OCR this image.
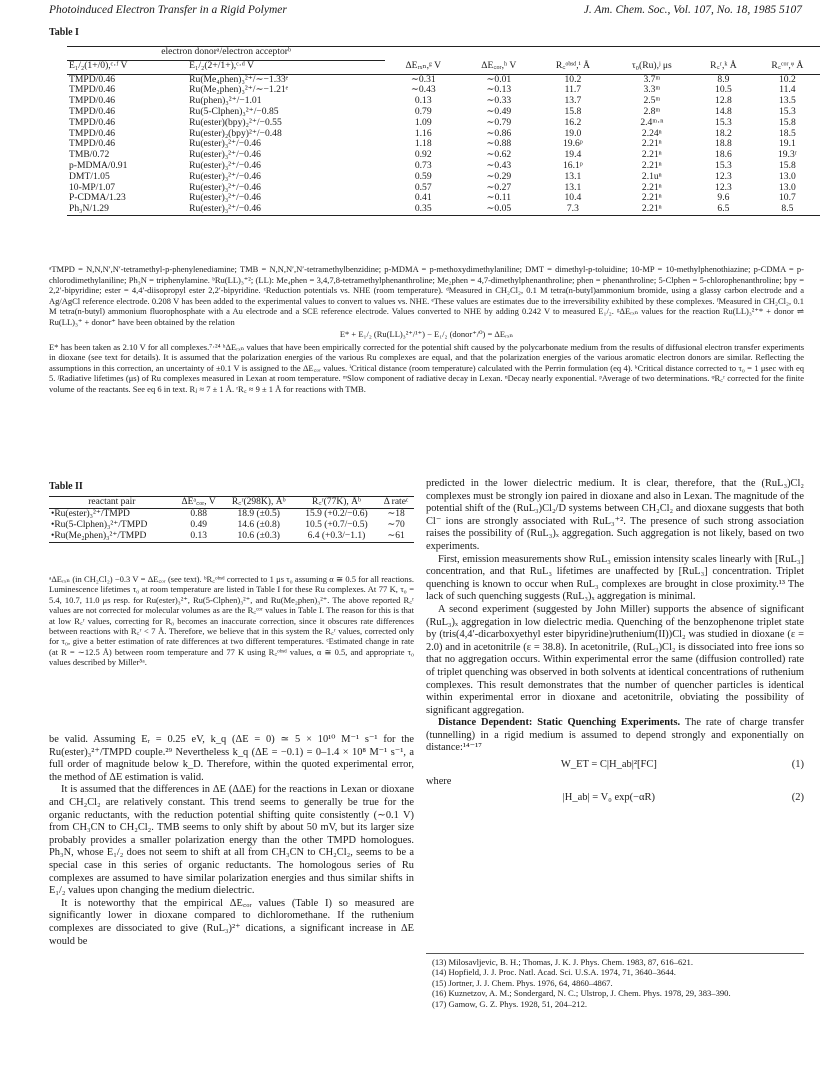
Photoinduced Electron Transfer in a Rigid Polymer	J. Am. Chem. Soc., Vol. 107, No. 18, 1985 5107
Table I
electron donorᵃ/electron acceptorᵇ							
E₁/₂(1+/0),ᶜ·ᶠ V	E₁/₂(2+/1+),ᶜ·ᵈ V	ΔEᵣₓₙ,ᵍ V	ΔE꜀ₒᵣ,ʰ V	R꜀ᵒᵇˢᵈ,ⁱ Å	τ₀(Ru),ʲ μs	R꜀ʳ,ᵏ Å	R꜀ᶜᵒʳ,ᵠ Å
TMPD/0.46	Ru(Me₄phen)₃²⁺/∼−1.33ᵉ	∼0.31	∼0.01	10.2	3.7ᵐ	8.9	10.2
TMPD/0.46	Ru(Me₂phen)₃²⁺/∼−1.21ᵉ	∼0.43	∼0.13	11.7	3.3ᵐ	10.5	11.4
TMPD/0.46	Ru(phen)₃²⁺/−1.01	0.13	∼0.33	13.7	2.5ᵐ	12.8	13.5
TMPD/0.46	Ru(5-Clphen)₃²⁺/−0.85	0.79	∼0.49	15.8	2.8ᵐ	14.8	15.3
TMPD/0.46	Ru(ester)(bpy)₂²⁺/−0.55	1.09	∼0.79	16.2	2.4ᵐ·ⁿ	15.3	15.8
TMPD/0.46	Ru(ester)₂(bpy)²⁺/−0.48	1.16	∼0.86	19.0	2.24ⁿ	18.2	18.5
TMPD/0.46	Ru(ester)₃²⁺/−0.46	1.18	∼0.88	19.6ᵖ	2.21ⁿ	18.8	19.1
TMB/0.72	Ru(ester)₃²⁺/−0.46	0.92	∼0.62	19.4	2.21ⁿ	18.6	19.3ʳ
p-MDMA/0.91	Ru(ester)₃²⁺/−0.46	0.73	∼0.43	16.1ᵖ	2.21ⁿ	15.3	15.8
DMT/1.05	Ru(ester)₃²⁺/−0.46	0.59	∼0.29	13.1	2.1uⁿ	12.3	13.0
10-MP/1.07	Ru(ester)₃²⁺/−0.46	0.57	∼0.27	13.1	2.21ⁿ	12.3	13.0
P-CDMA/1.23	Ru(ester)₃²⁺/−0.46	0.41	∼0.11	10.4	2.21ⁿ	9.6	10.7
Ph₃N/1.29	Ru(ester)₃²⁺/−0.46	0.35	∼0.05	7.3	2.21ⁿ	6.5	8.5
ᵃTMPD = N,N,N′,N′-tetramethyl-p-phenylenediamine; TMB = N,N,N′,N′-tetramethylbenzidine; p-MDMA = p-methoxydimethylaniline; DMT = dimethyl-p-toluidine; 10-MP = 10-methylphenothiazine; p-CDMA = p-chlorodimethylaniline; Ph₃N = triphenylamine. ᵇRu(LL)₃⁺²; (LL): Me₄phen = 3,4,7,8-tetramethylphenanthroline; Me₂phen = 4,7-dimethylphenanthroline; phen = phenanthroline; 5-Clphen = 5-chlorophenanthroline; bpy = 2,2′-bipyridine; ester = 4,4′-diisopropyl ester 2,2′-bipyridine. ᶜReduction potentials vs. NHE (room temperature). ᵈMeasured in CH₂Cl₂, 0.1 M tetra(n-butyl)ammonium bromide, using a glassy carbon electrode and a Ag/AgCl reference electrode. 0.208 V has been added to the experimental values to convert to values vs. NHE. ᵉThese values are estimates due to the irreversibility exhibited by these complexes. ᶠMeasured in CH₂Cl₂, 0.1 M tetra(n-butyl) ammonium fluorophosphate with a Au electrode and a SCE reference electrode. Values converted to NHE by adding 0.242 V to measured E₁/₂. ᵍΔEᵣₓₙ values for the reaction Ru(LL)₃²⁺* + donor ⇌ Ru(LL)₃⁺ + donor⁺ have been obtained by the relation
E* + E₁/₂ (Ru(LL)₃²⁺/¹⁺) − E₁/₂ (donor⁺/⁰) = ΔEᵣₓₙ
E* has been taken as 2.10 V for all complexes.⁷·²⁴ ʰΔEᵣₓₙ values that have been empirically corrected for the potential shift caused by the polycarbonate medium from the results of diffusional electron transfer experiments in dioxane (see text for details). It is assumed that the polarization energies of the various Ru complexes are equal, and that the polarization energies of the various aromatic electron donors are similar. Reflecting the assumptions in this correction, an uncertainty of ±0.1 V is assigned to the ΔE꜀ₒᵣ values. ⁱCritical distance (room temperature) calculated with the Perrin formulation (eq 4). ᵏCritical distance corrected to τ₀ = 1 μsec with eq 5. ʲRadiative lifetimes (μs) of Ru complexes measured in Lexan at room temperature. ᵐSlow component of radiative decay in Lexan. ⁿDecay nearly exponential. ᵖAverage of two determinations. ᵠR꜀ʳ corrected for the finite volume of the reactants. See eq 6 in text. Rⱼ ≈ 7 ± 1 Å. ʳR꜀ ≈ 9 ± 1 Å for reactions with TMB.
Table II
reactant pair	ΔEᵃ꜀ₒᵣ, V	R꜀ʳ(298K), Åᵇ	R꜀ʳ(77K), Åᵇ	Δ rateᶜ
•Ru(ester)₃²⁺/TMPD	0.88	18.9 (±0.5)	15.9 (+0.2/−0.6)	∼18
•Ru(5-Clphen)₃²⁺/TMPD	0.49	14.6 (±0.8)	10.5 (+0.7/−0.5)	∼70
•Ru(Me₂phen)₃²⁺/TMPD	0.13	10.6 (±0.3)	6.4 (+0.3/−1.1)	∼61
ᵃΔEᵣₓₙ (in CH₂Cl₂) −0.3 V = ΔE꜀ₒᵣ (see text). ᵇR꜀ᵒᵇˢᵈ corrected to 1 μs τ₀ assuming α ≅ 0.5 for all reactions. Luminescence lifetimes τ₀ at room temperature are listed in Table I for these Ru complexes. At 77 K, τ₀ = 5.4, 10.7, 11.0 μs resp. for Ru(ester)₃²⁺, Ru(5-Clphen)₃²⁺, and Ru(Me₂phen)₃²⁺. The above reported R꜀ʳ values are not corrected for molecular volumes as are the R꜀ᶜᵒʳ values in Table I. The reason for this is that at low R꜀ʳ values, correcting for R₀ becomes an inaccurate correction, since it obscures rate differences between reactions with R꜀ʳ < 7 Å. Therefore, we believe that in this system the R꜀ʳ values, corrected only for τ₀, give a better estimation of rate differences at two different temperatures. ᶜEstimated change in rate (at R = ∼12.5 Å) between room temperature and 77 K using R꜀ᵒᵇˢᵈ values, α ≅ 0.5, and appropriate τ₀ values described by Miller⁵ᵃ.

be valid. Assuming Eᵣ = 0.25 eV, k_q (ΔE = 0) ≃ 5 × 10¹⁰ M⁻¹ s⁻¹ for the Ru(ester)₃²⁺/TMPD couple.²⁹ Nevertheless k_q (ΔE = −0.1) = 0–1.4 × 10⁸ M⁻¹ s⁻¹, a full order of magnitude below k_D. Therefore, within the quoted experimental error, the method of ΔE estimation is valid.

It is assumed that the differences in ΔE (ΔΔE) for the reactions in Lexan or dioxane and CH₂Cl₂ are relatively constant. This trend seems to generally be true for the organic reductants, with the reduction potential shifting quite consistently (∼0.1 V) from CH₃CN to CH₂Cl₂. TMB seems to only shift by about 50 mV, but its larger size probably provides a smaller polarization energy than the other TMPD homologues. Ph₃N, whose E₁/₂ does not seem to shift at all from CH₃CN to CH₂Cl₂, seems to be a special case in this series of organic reductants. The homologous series of Ru complexes are assumed to have similar polarization energies and thus similar shifts in E₁/₂ values upon changing the medium dielectric.

It is noteworthy that the empirical ΔE꜀ₒᵣ values (Table I) so measured are significantly lower in dioxane compared to dichloromethane. If the ruthenium complexes are dissociated to give (RuL₃)²⁺ dications, a significant increase in ΔE would be

predicted in the lower dielectric medium. It is clear, therefore, that the (RuL₃)Cl₂ complexes must be strongly ion paired in dioxane and also in Lexan. The magnitude of the potential shift of the (RuL₃)Cl₂/D systems between CH₂Cl₂ and dioxane suggests that both Cl⁻ ions are strongly associated with RuL₃⁺². The presence of such strong association raises the possibility of (RuL₃)ₓ aggregation. Such aggregation is not likely, based on two experiments.

First, emission measurements show RuL₃ emission intensity scales linearly with [RuL₃] concentration, and that RuL₃ lifetimes are unaffected by [RuL₃] concentration. Triplet quenching is known to occur when RuL₃ complexes are brought in close proximity.¹³ The lack of such quenching suggests (RuL₃)ₓ aggregation is minimal.

A second experiment (suggested by John Miller) supports the absence of significant (RuL₃)ₓ aggregation in low dielectric media. Quenching of the benzophenone triplet state by (tris(4,4′-dicarboxyethyl ester bipyridine)ruthenium(II))Cl₂ was studied in dioxane (ε = 2.0) and in acetonitrile (ε = 38.8). In acetonitrile, (RuL₃)Cl₂ is dissociated into free ions so that no aggregation occurs. Within experimental error the same (diffusion controlled) rate of triplet quenching was observed in both solvents at identical concentrations of ruthenium complexes. This result demonstrates that the number of quencher particles is identical within experimental error in dioxane and acetonitrile, obviating the possibility of significant aggregation.

Distance Dependent: Static Quenching Experiments. The rate of charge transfer (tunnelling) in a rigid medium is assumed to depend strongly and exponentially on distance:¹⁴⁻¹⁷

W_ET = C|H_ab|²[FC]	(1)

where

|H_ab| = V₀ exp(−αR)	(2)
(13) Milosavljevic, B. H.; Thomas, J. K. J. Phys. Chem. 1983, 87, 616–621.
(14) Hopfield, J. J. Proc. Natl. Acad. Sci. U.S.A. 1974, 71, 3640–3644.
(15) Jortner, J. J. Chem. Phys. 1976, 64, 4860–4867.
(16) Kuznetzov, A. M.; Sondergard, N. C.; Ulstrop, J. Chem. Phys. 1978, 29, 383–390.
(17) Gamow, G. Z. Phys. 1928, 51, 204–212.
